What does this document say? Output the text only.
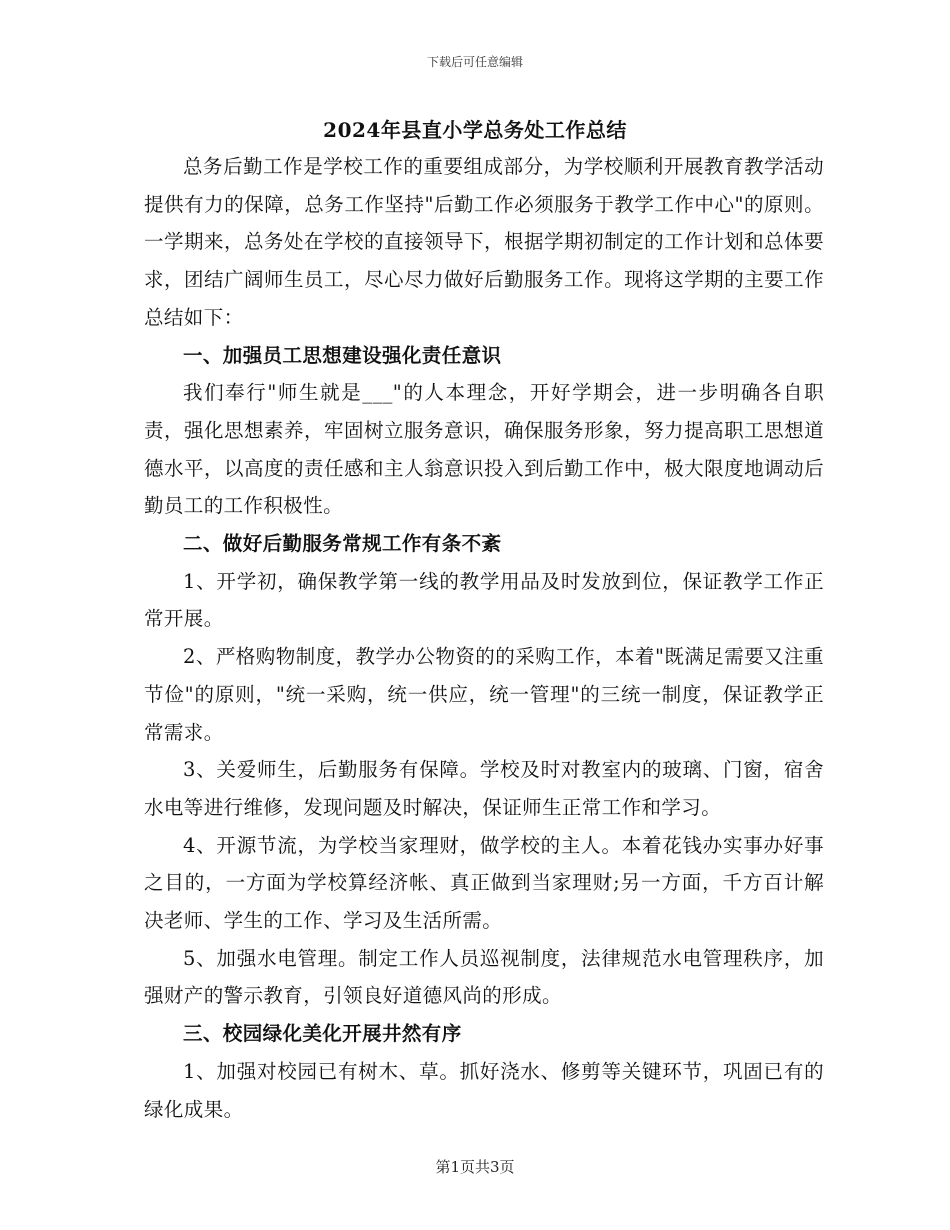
下载后可任意编辑
2024年县直小学总务处工作总结

总务后勤工作是学校工作的重要组成部分，为学校顺利开展教育教学活动提供有力的保障，总务工作坚持"后勤工作必须服务于教学工作中心"的原则。一学期来，总务处在学校的直接领导下，根据学期初制定的工作计划和总体要求，团结广阔师生员工，尽心尽力做好后勤服务工作。现将这学期的主要工作总结如下：

一、加强员工思想建设强化责任意识

我们奉行"师生就是___"的人本理念，开好学期会，进一步明确各自职责，强化思想素养，牢固树立服务意识，确保服务形象，努力提高职工思想道德水平，以高度的责任感和主人翁意识投入到后勤工作中，极大限度地调动后勤员工的工作积极性。

二、做好后勤服务常规工作有条不紊

1、开学初，确保教学第一线的教学用品及时发放到位，保证教学工作正常开展。

2、严格购物制度，教学办公物资的的采购工作，本着"既满足需要又注重节俭"的原则，"统一采购，统一供应，统一管理"的三统一制度，保证教学正常需求。

3、关爱师生，后勤服务有保障。学校及时对教室内的玻璃、门窗，宿舍水电等进行维修，发现问题及时解决，保证师生正常工作和学习。

4、开源节流，为学校当家理财，做学校的主人。本着花钱办实事办好事之目的，一方面为学校算经济帐、真正做到当家理财;另一方面，千方百计解决老师、学生的工作、学习及生活所需。

5、加强水电管理。制定工作人员巡视制度，法律规范水电管理秩序，加强财产的警示教育，引领良好道德风尚的形成。

三、校园绿化美化开展井然有序

1、加强对校园已有树木、草。抓好浇水、修剪等关键环节，巩固已有的绿化成果。

第1页共3页
